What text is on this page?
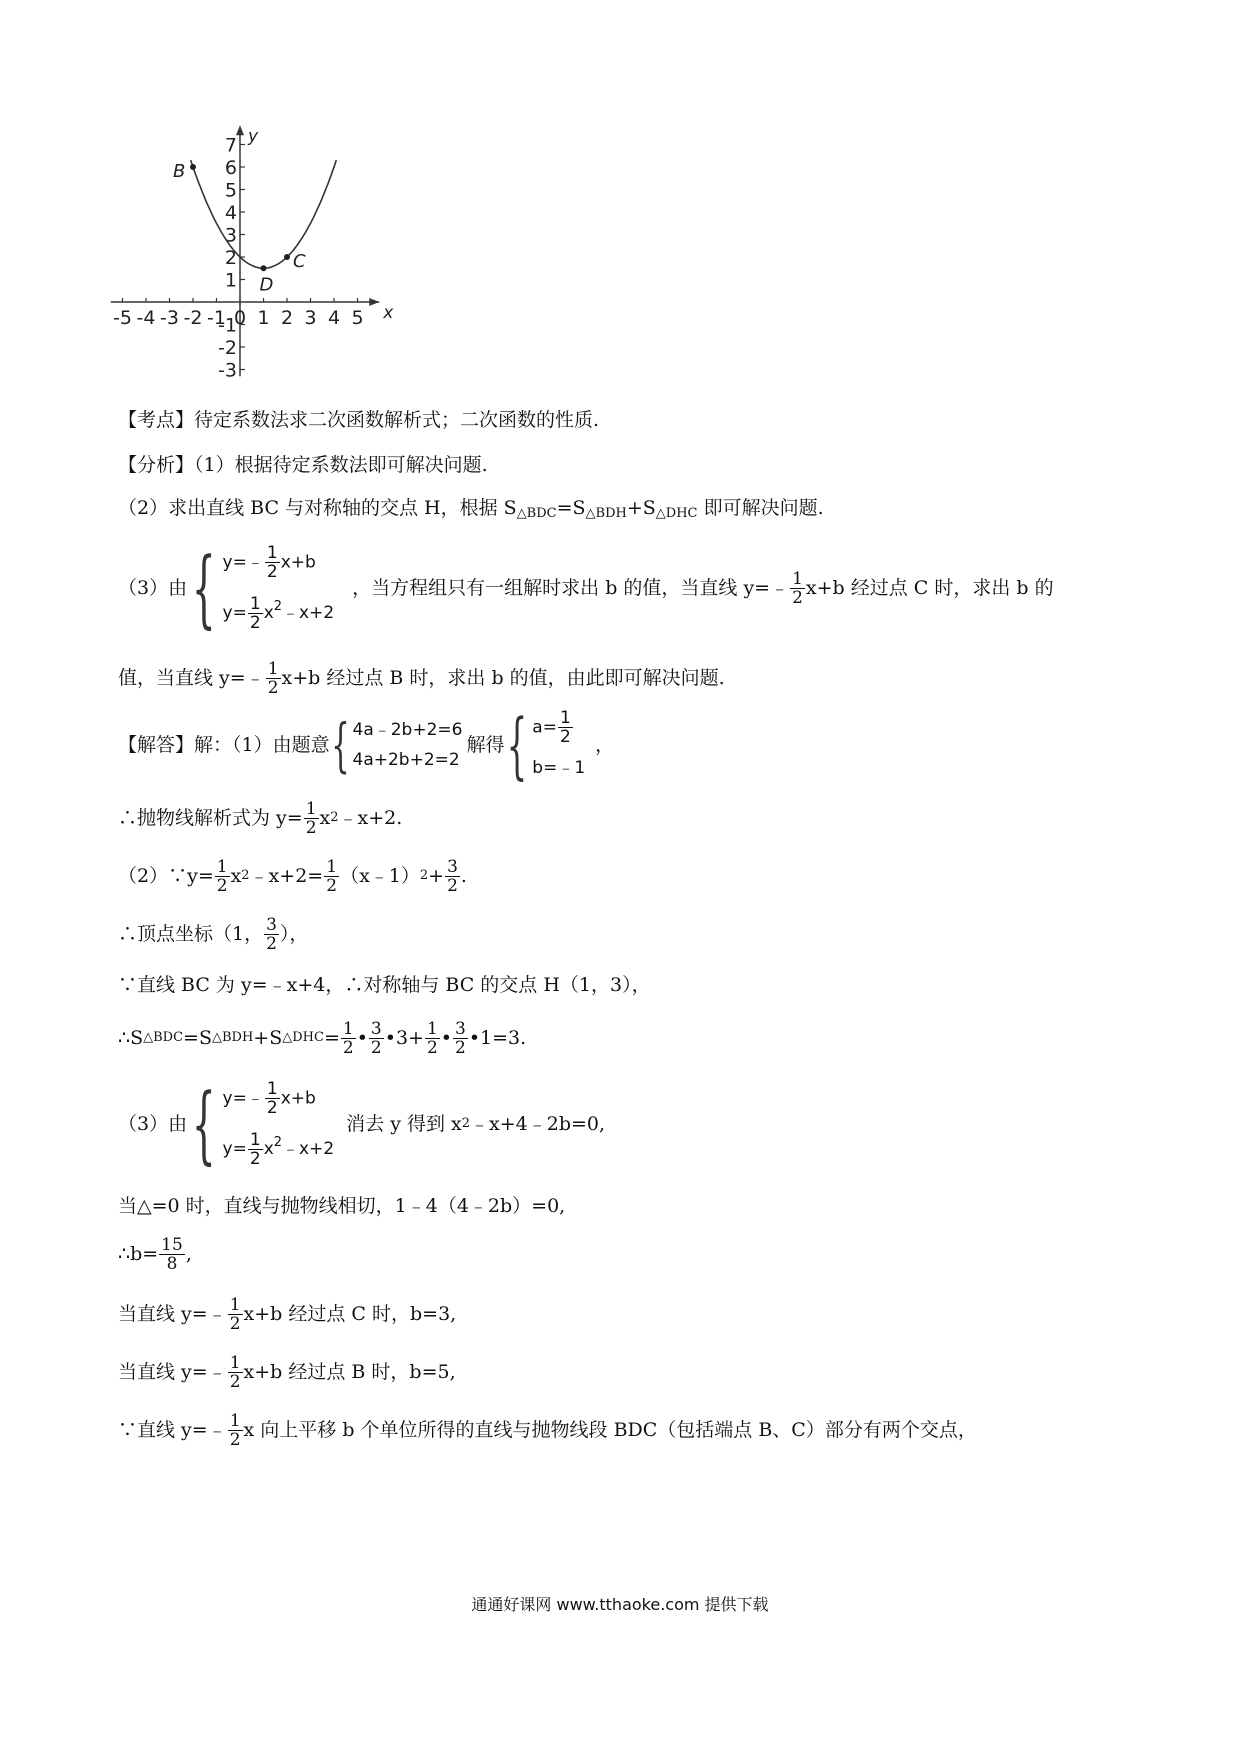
x
y
-5 -4 -3 -2 -1 0 1 2 3 4 5
7
6
5
4
3
2
1
-1
-2
-3
B
D
C
【考点】待定系数法求二次函数解析式；二次函数的性质.
【分析】（1）根据待定系数法即可解决问题.
（2）求出直线 BC 与对称轴的交点 H，根据 $S_{\triangle BDC}=S_{\triangle BDH}+S_{\triangle DHC}$ 即可解决问题.
（3）由 { y=﹣ $\frac{1}{2} x+b$
$y= \frac{1}{2}$ $x^2﹣x+2$
，当方程组只有一组解时求出 b 的值，当直线 y=﹣ $\frac{1}{2} x+b$ 经过点 C 时，求出 b 的
值，当直线 y=﹣ $\frac{1}{2} x+b$ 经过点 B 时，求出 b 的值，由此即可解决问题.
【解答】解：（1）由题意 { 4a﹣2b+2=6
4a+2b+2=2
解得 { $a= \frac{1}{2}$
b=﹣1
，
∴抛物线解析式为 $y= \frac{1}{2}$ x 2 ﹣x+2.
（2）∵y= $\frac{1}{2}$ x 2 ﹣x+2= $\frac{1}{2}$ （x﹣1） $2 + \frac{3}{2}$ .
∴顶点坐标（1， $\frac{3}{2}$ ），
∵直线 BC 为 y=﹣x+4，∴对称轴与 BC 的交点 H（1，3），
∴S △BDC =S △BDH +S △DHC = $\frac{1}{2}$ • $\frac{3}{2}$ •3+ $\frac{1}{2}$ • $\frac{3}{2}$ •1=3.
（3）由 { y=﹣ $\frac{1}{2} x+b$
$y= \frac{1}{2}$ $x^2﹣x+2$
消去 y 得到 x 2 ﹣x+4﹣2b=0,
当△=0 时，直线与抛物线相切，1﹣4（4﹣2b）=0,
∴b= $\frac{15}{8}$ ,
当直线 y=﹣ $\frac{1}{2} x+b$ 经过点 C 时，b=3,
当直线 y=﹣ $\frac{1}{2} x+b$ 经过点 B 时，b=5,
∵直线 y=﹣ $\frac{1}{2}$ x 向上平移 b 个单位所得的直线与抛物线段 BDC（包括端点 B、C）部分有两个交点，
通通好课网 www.tthaoke.com 提供下载
